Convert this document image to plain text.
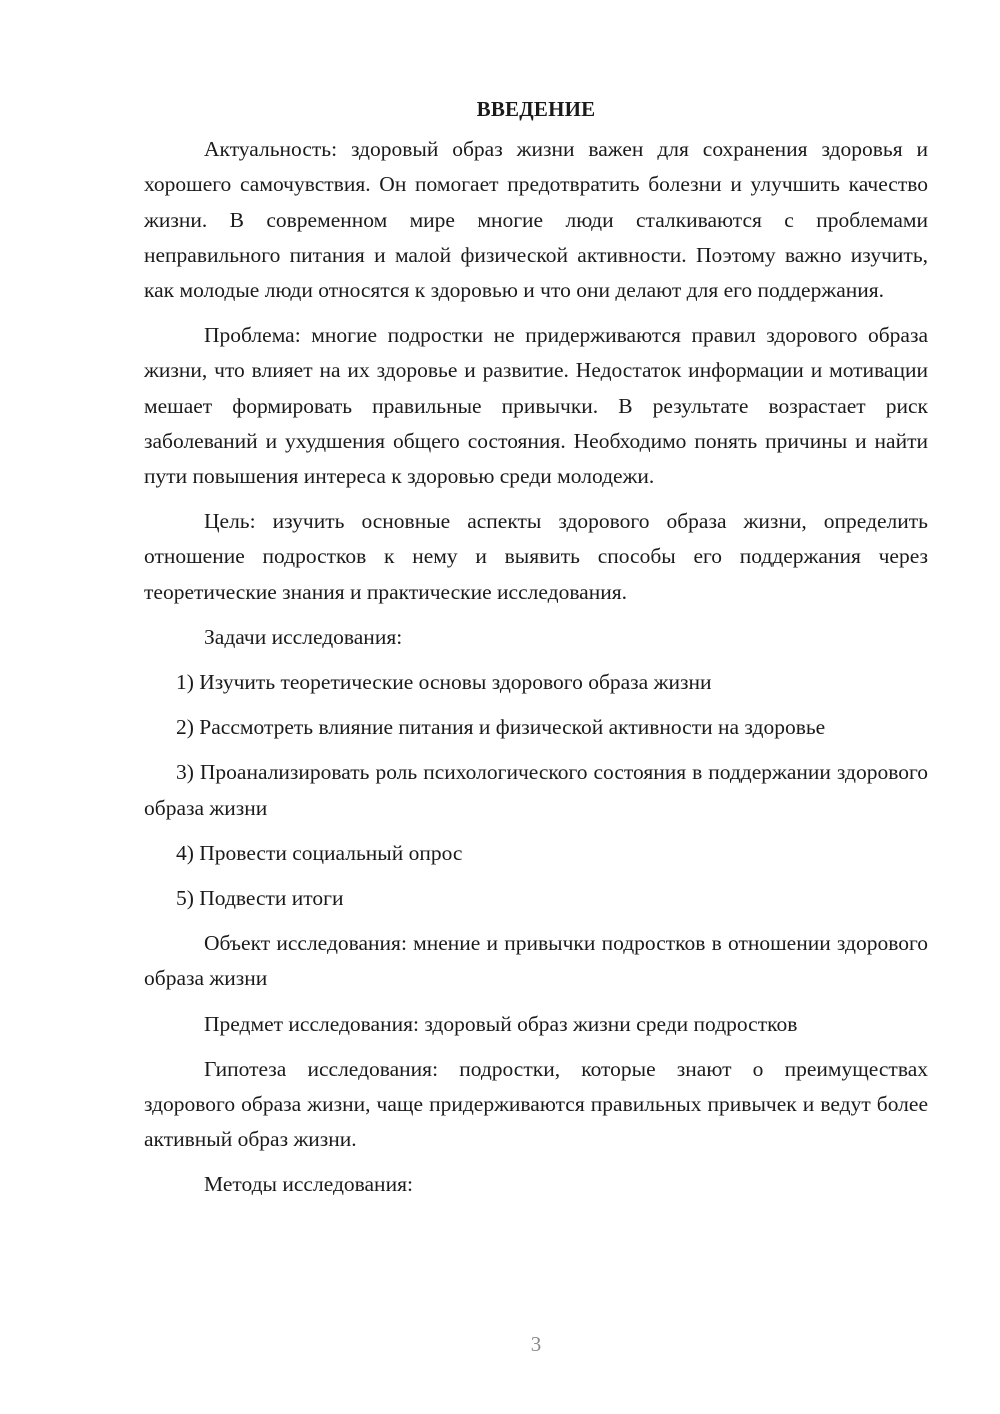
ВВЕДЕНИЕ

Актуальность: здоровый образ жизни важен для сохранения здоровья и хорошего самочувствия. Он помогает предотвратить болезни и улучшить качество жизни. В современном мире многие люди сталкиваются с проблемами неправильного питания и малой физической активности. Поэтому важно изучить, как молодые люди относятся к здоровью и что они делают для его поддержания.

Проблема: многие подростки не придерживаются правил здорового образа жизни, что влияет на их здоровье и развитие. Недостаток информации и мотивации мешает формировать правильные привычки. В результате возрастает риск заболеваний и ухудшения общего состояния. Необходимо понять причины и найти пути повышения интереса к здоровью среди молодежи.

Цель: изучить основные аспекты здорового образа жизни, определить отношение подростков к нему и выявить способы его поддержания через теоретические знания и практические исследования.

Задачи исследования:

1) Изучить теоретические основы здорового образа жизни

2) Рассмотреть влияние питания и физической активности на здоровье

3) Проанализировать роль психологического состояния в поддержании здорового образа жизни

4) Провести социальный опрос

5) Подвести итоги

Объект исследования: мнение и привычки подростков в отношении здорового образа жизни

Предмет исследования: здоровый образ жизни среди подростков

Гипотеза исследования: подростки, которые знают о преимуществах здорового образа жизни, чаще придерживаются правильных привычек и ведут более активный образ жизни.

Методы исследования:

3
